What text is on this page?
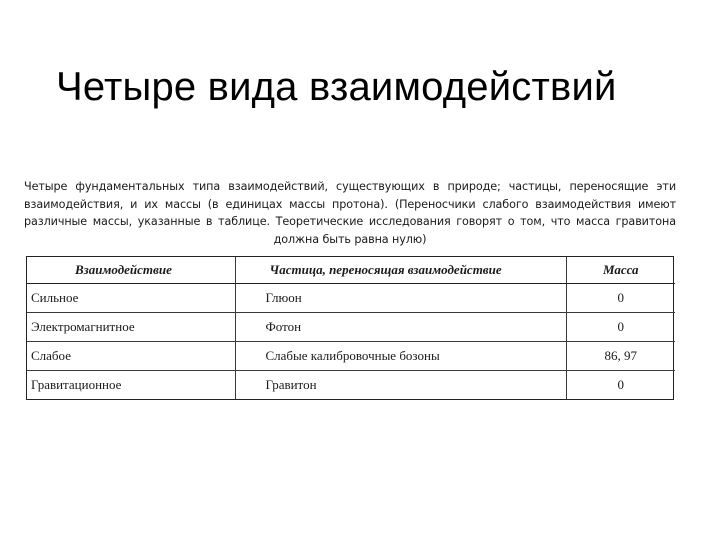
Четыре вида взаимодействий

Четыре фундаментальных типа взаимодействий, существующих в природе; частицы, переносящие эти взаимодействия, и их массы (в единицах массы протона). (Переносчики слабого взаимодействия имеют различные массы, указанные в таблице. Теоретические исследования говорят о том, что масса гравитона должна быть равна нулю)

Взаимодействие	Частица, переносящая взаимодействие	Масса
Сильное	Глюон	0
Электромагнитное	Фотон	0
Слабое	Слабые калибровочные бозоны	86, 97
Гравитационное	Гравитон	0
